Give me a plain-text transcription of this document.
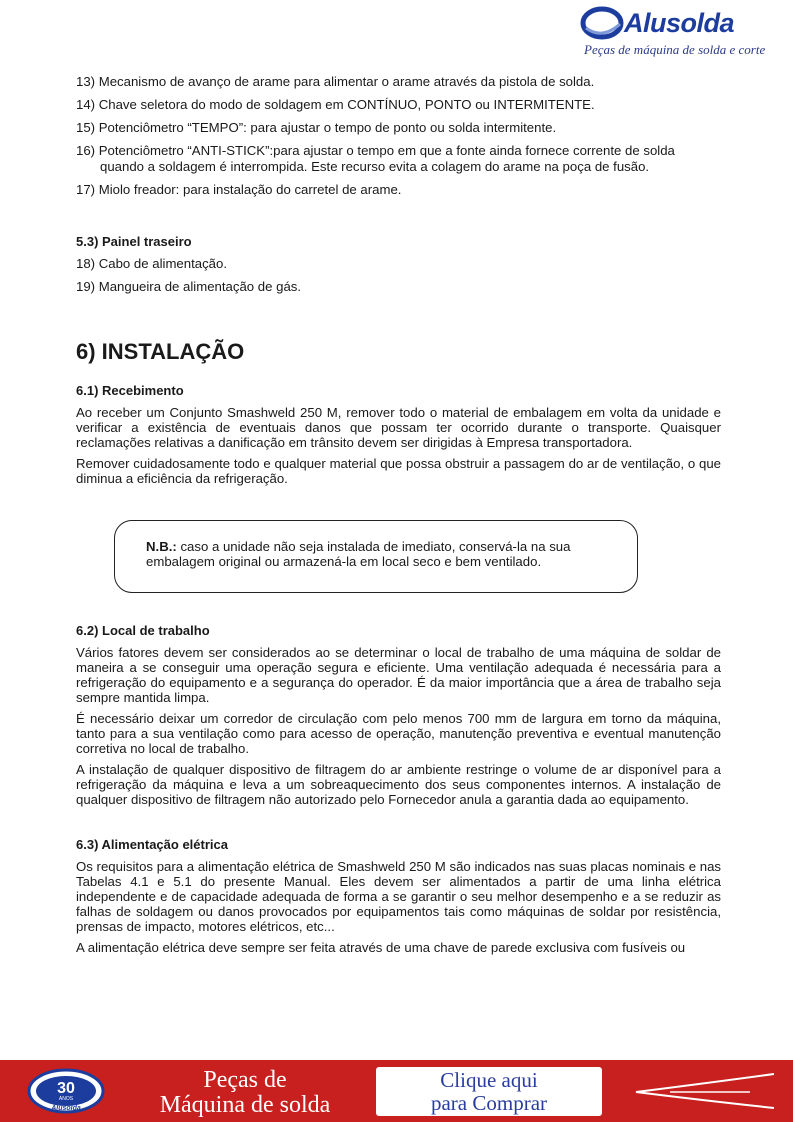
Alusolda
Peças de máquina de solda e corte
13) Mecanismo de avanço de arame para alimentar o arame através da pistola de solda.
14) Chave seletora do modo de soldagem em CONTÍNUO, PONTO ou INTERMITENTE.
15) Potenciômetro “TEMPO”: para ajustar o tempo de ponto ou solda intermitente.
16) Potenciômetro “ANTI-STICK”:para ajustar o tempo em que a fonte ainda fornece corrente de solda
quando a soldagem é interrompida. Este recurso evita a colagem do arame na poça de fusão.
17) Miolo freador: para instalação do carretel de arame.
5.3) Painel traseiro
18) Cabo de alimentação.
19) Mangueira de alimentação de gás.
6) INSTALAÇÃO
6.1) Recebimento
Ao receber um Conjunto Smashweld 250 M, remover todo o material de embalagem em volta da unidade e verificar a existência de eventuais danos que possam ter ocorrido durante o transporte. Quaisquer reclamações relativas a danificação em trânsito devem ser dirigidas à Empresa transportadora.
Remover cuidadosamente todo e qualquer material que possa obstruir a passagem do ar de ventilação, o que diminua a eficiência da refrigeração.
N.B.: caso a unidade não seja instalada de imediato, conservá-la na sua embalagem original ou armazená-la em local seco e bem ventilado.
6.2) Local de trabalho
Vários fatores devem ser considerados ao se determinar o local de trabalho de uma máquina de soldar de maneira a se conseguir uma operação segura e eficiente. Uma ventilação adequada é necessária para a refrigeração do equipamento e a segurança do operador. É da maior importância que a área de trabalho seja sempre mantida limpa.
É necessário deixar um corredor de circulação com pelo menos 700 mm de largura em torno da máquina, tanto para a sua ventilação como para acesso de operação, manutenção preventiva e eventual manutenção corretiva no local de trabalho.
A instalação de qualquer dispositivo de filtragem do ar ambiente restringe o volume de ar disponível para a refrigeração da máquina e leva a um sobreaquecimento dos seus componentes internos. A instalação de qualquer dispositivo de filtragem não autorizado pelo Fornecedor anula a garantia dada ao equipamento.
6.3) Alimentação elétrica
Os requisitos para a alimentação elétrica de Smashweld 250 M são indicados nas suas placas nominais e nas Tabelas 4.1 e 5.1 do presente Manual. Eles devem ser alimentados a partir de uma linha elétrica independente e de capacidade adequada de forma a se garantir o seu melhor desempenho e a se reduzir as falhas de soldagem ou danos provocados por equipamentos tais como máquinas de soldar por resistência, prensas de impacto, motores elétricos, etc...
A alimentação elétrica deve sempre ser feita através de uma chave de parede exclusiva com fusíveis ou
30
ANOS
Alusolda
Peças de
Máquina de solda
Clique aqui
para Comprar
